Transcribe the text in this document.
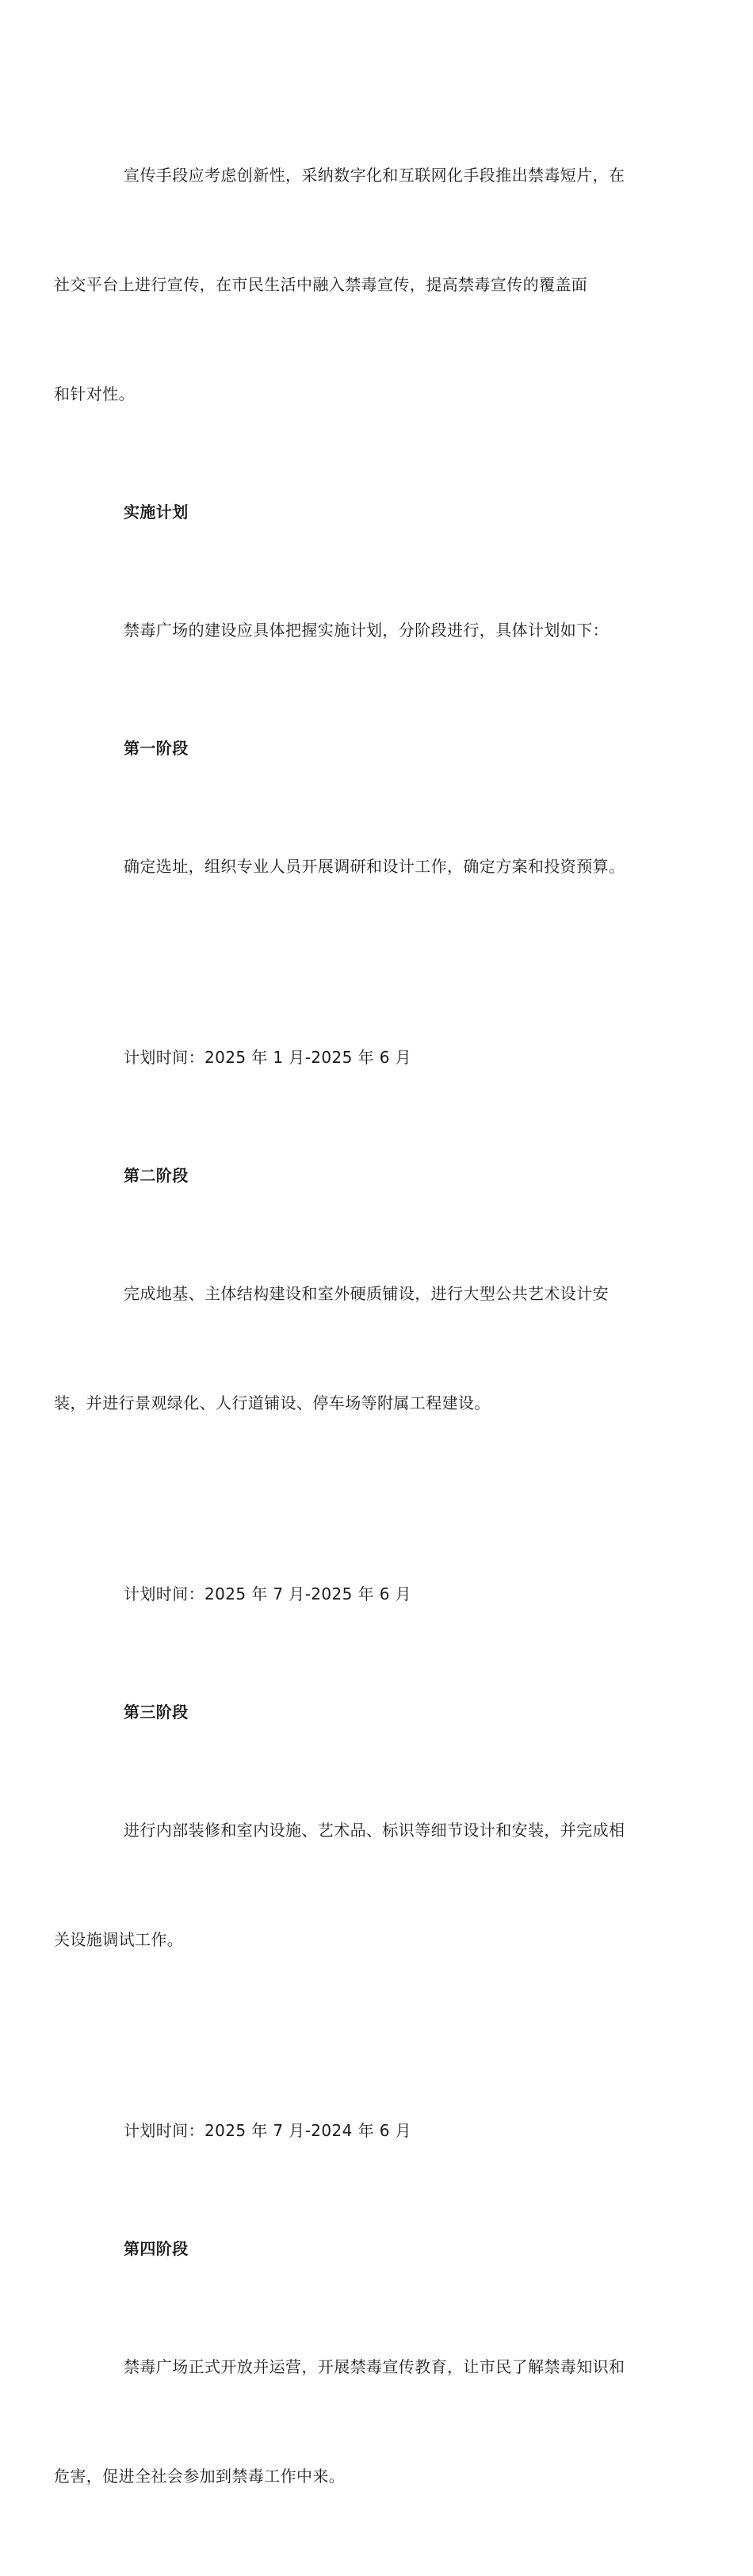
宣传手段应考虑创新性，采纳数字化和互联网化手段推出禁毒短片，在

社交平台上进行宣传，在市民生活中融入禁毒宣传，提高禁毒宣传的覆盖面

和针对性。

实施计划

禁毒广场的建设应具体把握实施计划，分阶段进行，具体计划如下：

第一阶段

确定选址，组织专业人员开展调研和设计工作，确定方案和投资预算。

计划时间：2025 年 1 月-2025 年 6 月

第二阶段

完成地基、主体结构建设和室外硬质铺设，进行大型公共艺术设计安

装，并进行景观绿化、人行道铺设、停车场等附属工程建设。

计划时间：2025 年 7 月-2025 年 6 月

第三阶段

进行内部装修和室内设施、艺术品、标识等细节设计和安装，并完成相

关设施调试工作。

计划时间：2025 年 7 月-2024 年 6 月

第四阶段

禁毒广场正式开放并运营，开展禁毒宣传教育，让市民了解禁毒知识和

危害，促进全社会参加到禁毒工作中来。
